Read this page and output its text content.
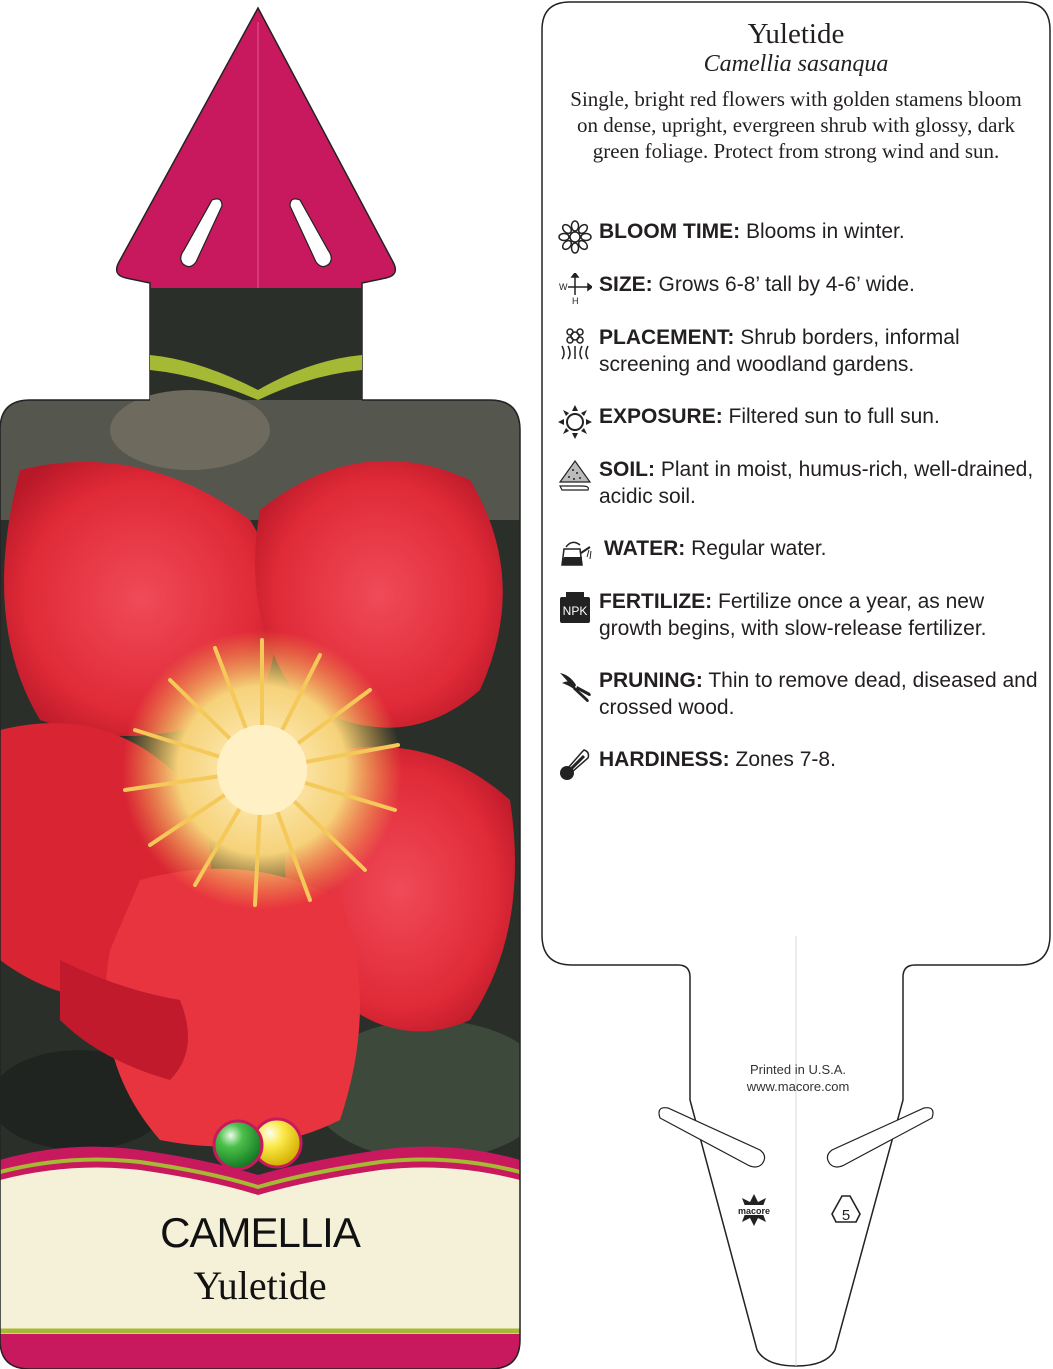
CAMELLIA
Yuletide
macore	5
Yuletide
Camellia sasanqua
Single, bright red flowers with golden stamens bloom on dense, upright, evergreen shrub with glossy, dark green foliage. Protect from strong wind and sun.
BLOOM TIME: Blooms in winter.
W
H
SIZE: Grows 6-8’ tall by 4-6’ wide.
PLACEMENT: Shrub borders, informal screening and woodland gardens.
EXPOSURE: Filtered sun to full sun.
SOIL: Plant in moist, humus-rich, well-drained, acidic soil.
WATER: Regular water.
NPK FERTILIZE: Fertilize once a year, as new growth begins, with slow-release fertilizer.
PRUNING: Thin to remove dead, diseased and crossed wood.
HARDINESS: Zones 7-8.
Printed in U.S.A.
www.macore.com
